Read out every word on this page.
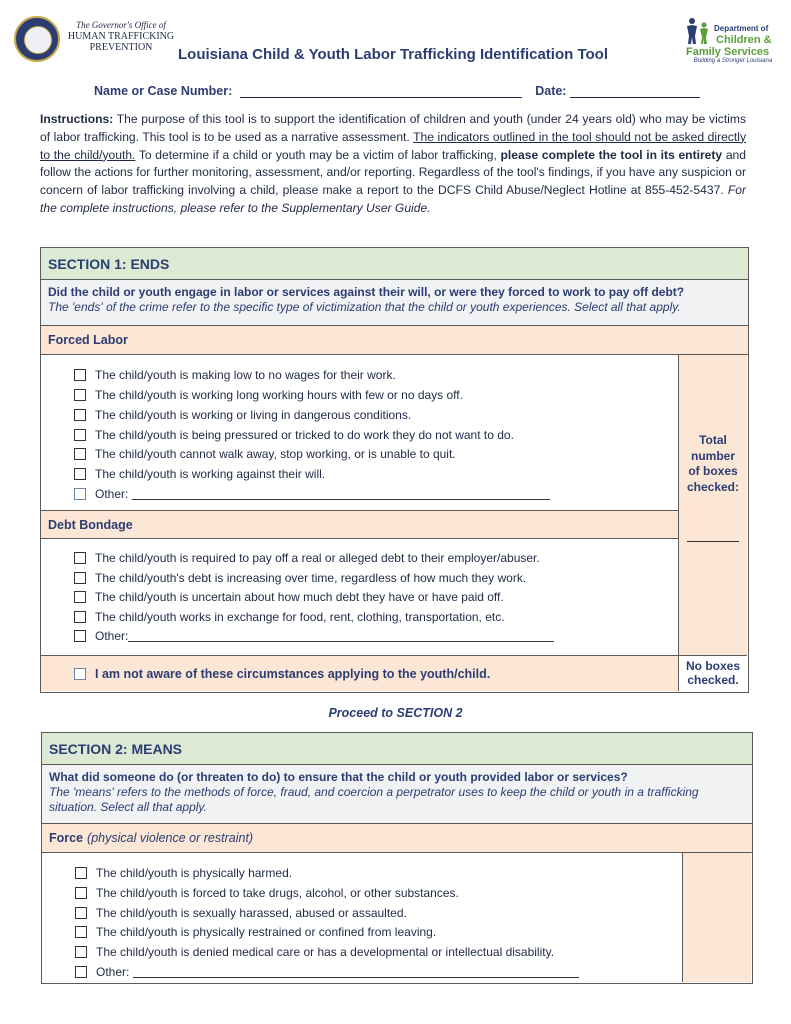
The Governor's Office of
HUMAN TRAFFICKING
PREVENTION	Louisiana Child & Youth Labor Trafficking Identification Tool
Department of
Children &
Family Services
Building a Stronger Louisiana
Name or Case Number:	Date:
Instructions: The purpose of this tool is to support the identification of children and youth (under 24 years old) who may be victims of labor trafficking. This tool is to be used as a narrative assessment. The indicators outlined in the tool should not be asked directly to the child/youth. To determine if a child or youth may be a victim of labor trafficking, please complete the tool in its entirety and follow the actions for further monitoring, assessment, and/or reporting. Regardless of the tool's findings, if you have any suspicion or concern of labor trafficking involving a child, please make a report to the DCFS Child Abuse/Neglect Hotline at 855-452-5437. For the complete instructions, please refer to the Supplementary User Guide.
SECTION 1: ENDS
Did the child or youth engage in labor or services against their will, or were they forced to work to pay off debt?
The 'ends' of the crime refer to the specific type of victimization that the child or youth experiences. Select all that apply.
Forced Labor
Total
number
of boxes
checked:
The child/youth is making low to no wages for their work.
The child/youth is working long working hours with few or no days off.
The child/youth is working or living in dangerous conditions.
The child/youth is being pressured or tricked to do work they do not want to do.
The child/youth cannot walk away, stop working, or is unable to quit.
The child/youth is working against their will.
Other:
Debt Bondage
The child/youth is required to pay off a real or alleged debt to their employer/abuser.
The child/youth's debt is increasing over time, regardless of how much they work.
The child/youth is uncertain about how much debt they have or have paid off.
The child/youth works in exchange for food, rent, clothing, transportation, etc.
Other:
I am not aware of these circumstances applying to the youth/child.
No boxes
checked.
Proceed to SECTION 2
SECTION 2: MEANS
What did someone do (or threaten to do) to ensure that the child or youth provided labor or services?
The 'means' refers to the methods of force, fraud, and coercion a perpetrator uses to keep the child or youth in a trafficking situation. Select all that apply.
Force (physical violence or restraint)
The child/youth is physically harmed.
The child/youth is forced to take drugs, alcohol, or other substances.
The child/youth is sexually harassed, abused or assaulted.
The child/youth is physically restrained or confined from leaving.
The child/youth is denied medical care or has a developmental or intellectual disability.
Other:
